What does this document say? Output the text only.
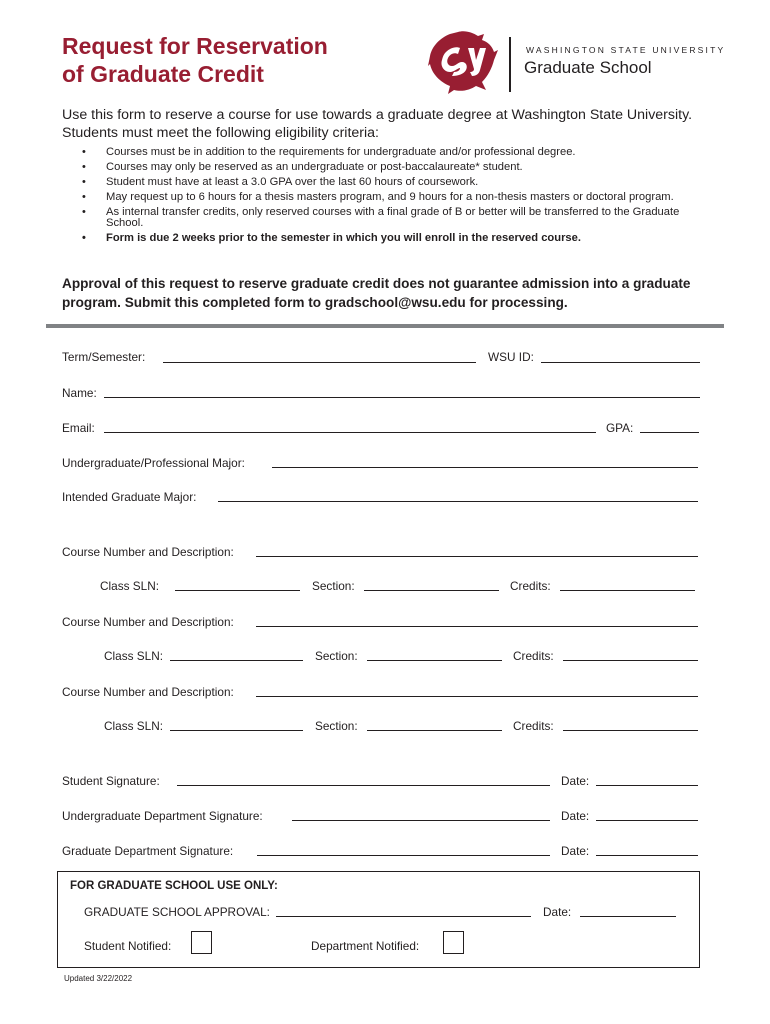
Request for Reservation
of Graduate Credit
WASHINGTON STATE UNIVERSITY
Graduate School
Use this form to reserve a course for use towards a graduate degree at Washington State University. Students must meet the following eligibility criteria:
• Courses must be in addition to the requirements for undergraduate and/or professional degree.
• Courses may only be reserved as an undergraduate or post-baccalaureate* student.
• Student must have at least a 3.0 GPA over the last 60 hours of coursework.
• May request up to 6 hours for a thesis masters program, and 9 hours for a non-thesis masters or doctoral program.
• As internal transfer credits, only reserved courses with a final grade of B or better will be transferred to the Graduate School.
• Form is due 2 weeks prior to the semester in which you will enroll in the reserved course.
Approval of this request to reserve graduate credit does not guarantee admission into a graduate program. Submit this completed form to gradschool@wsu.edu for processing.
Term/Semester:	WSU ID:
Name:
Email:	GPA:
Undergraduate/Professional Major:
Intended Graduate Major:
Course Number and Description:
Class SLN:	Section:	Credits:
Course Number and Description:
Class SLN:	Section:	Credits:
Course Number and Description:
Class SLN:	Section:	Credits:
Student Signature:	Date:
Undergraduate Department Signature:	Date:
Graduate Department Signature:	Date:
FOR GRADUATE SCHOOL USE ONLY:
GRADUATE SCHOOL APPROVAL:	Date:
Student Notified:	Department Notified:
Updated 3/22/2022
